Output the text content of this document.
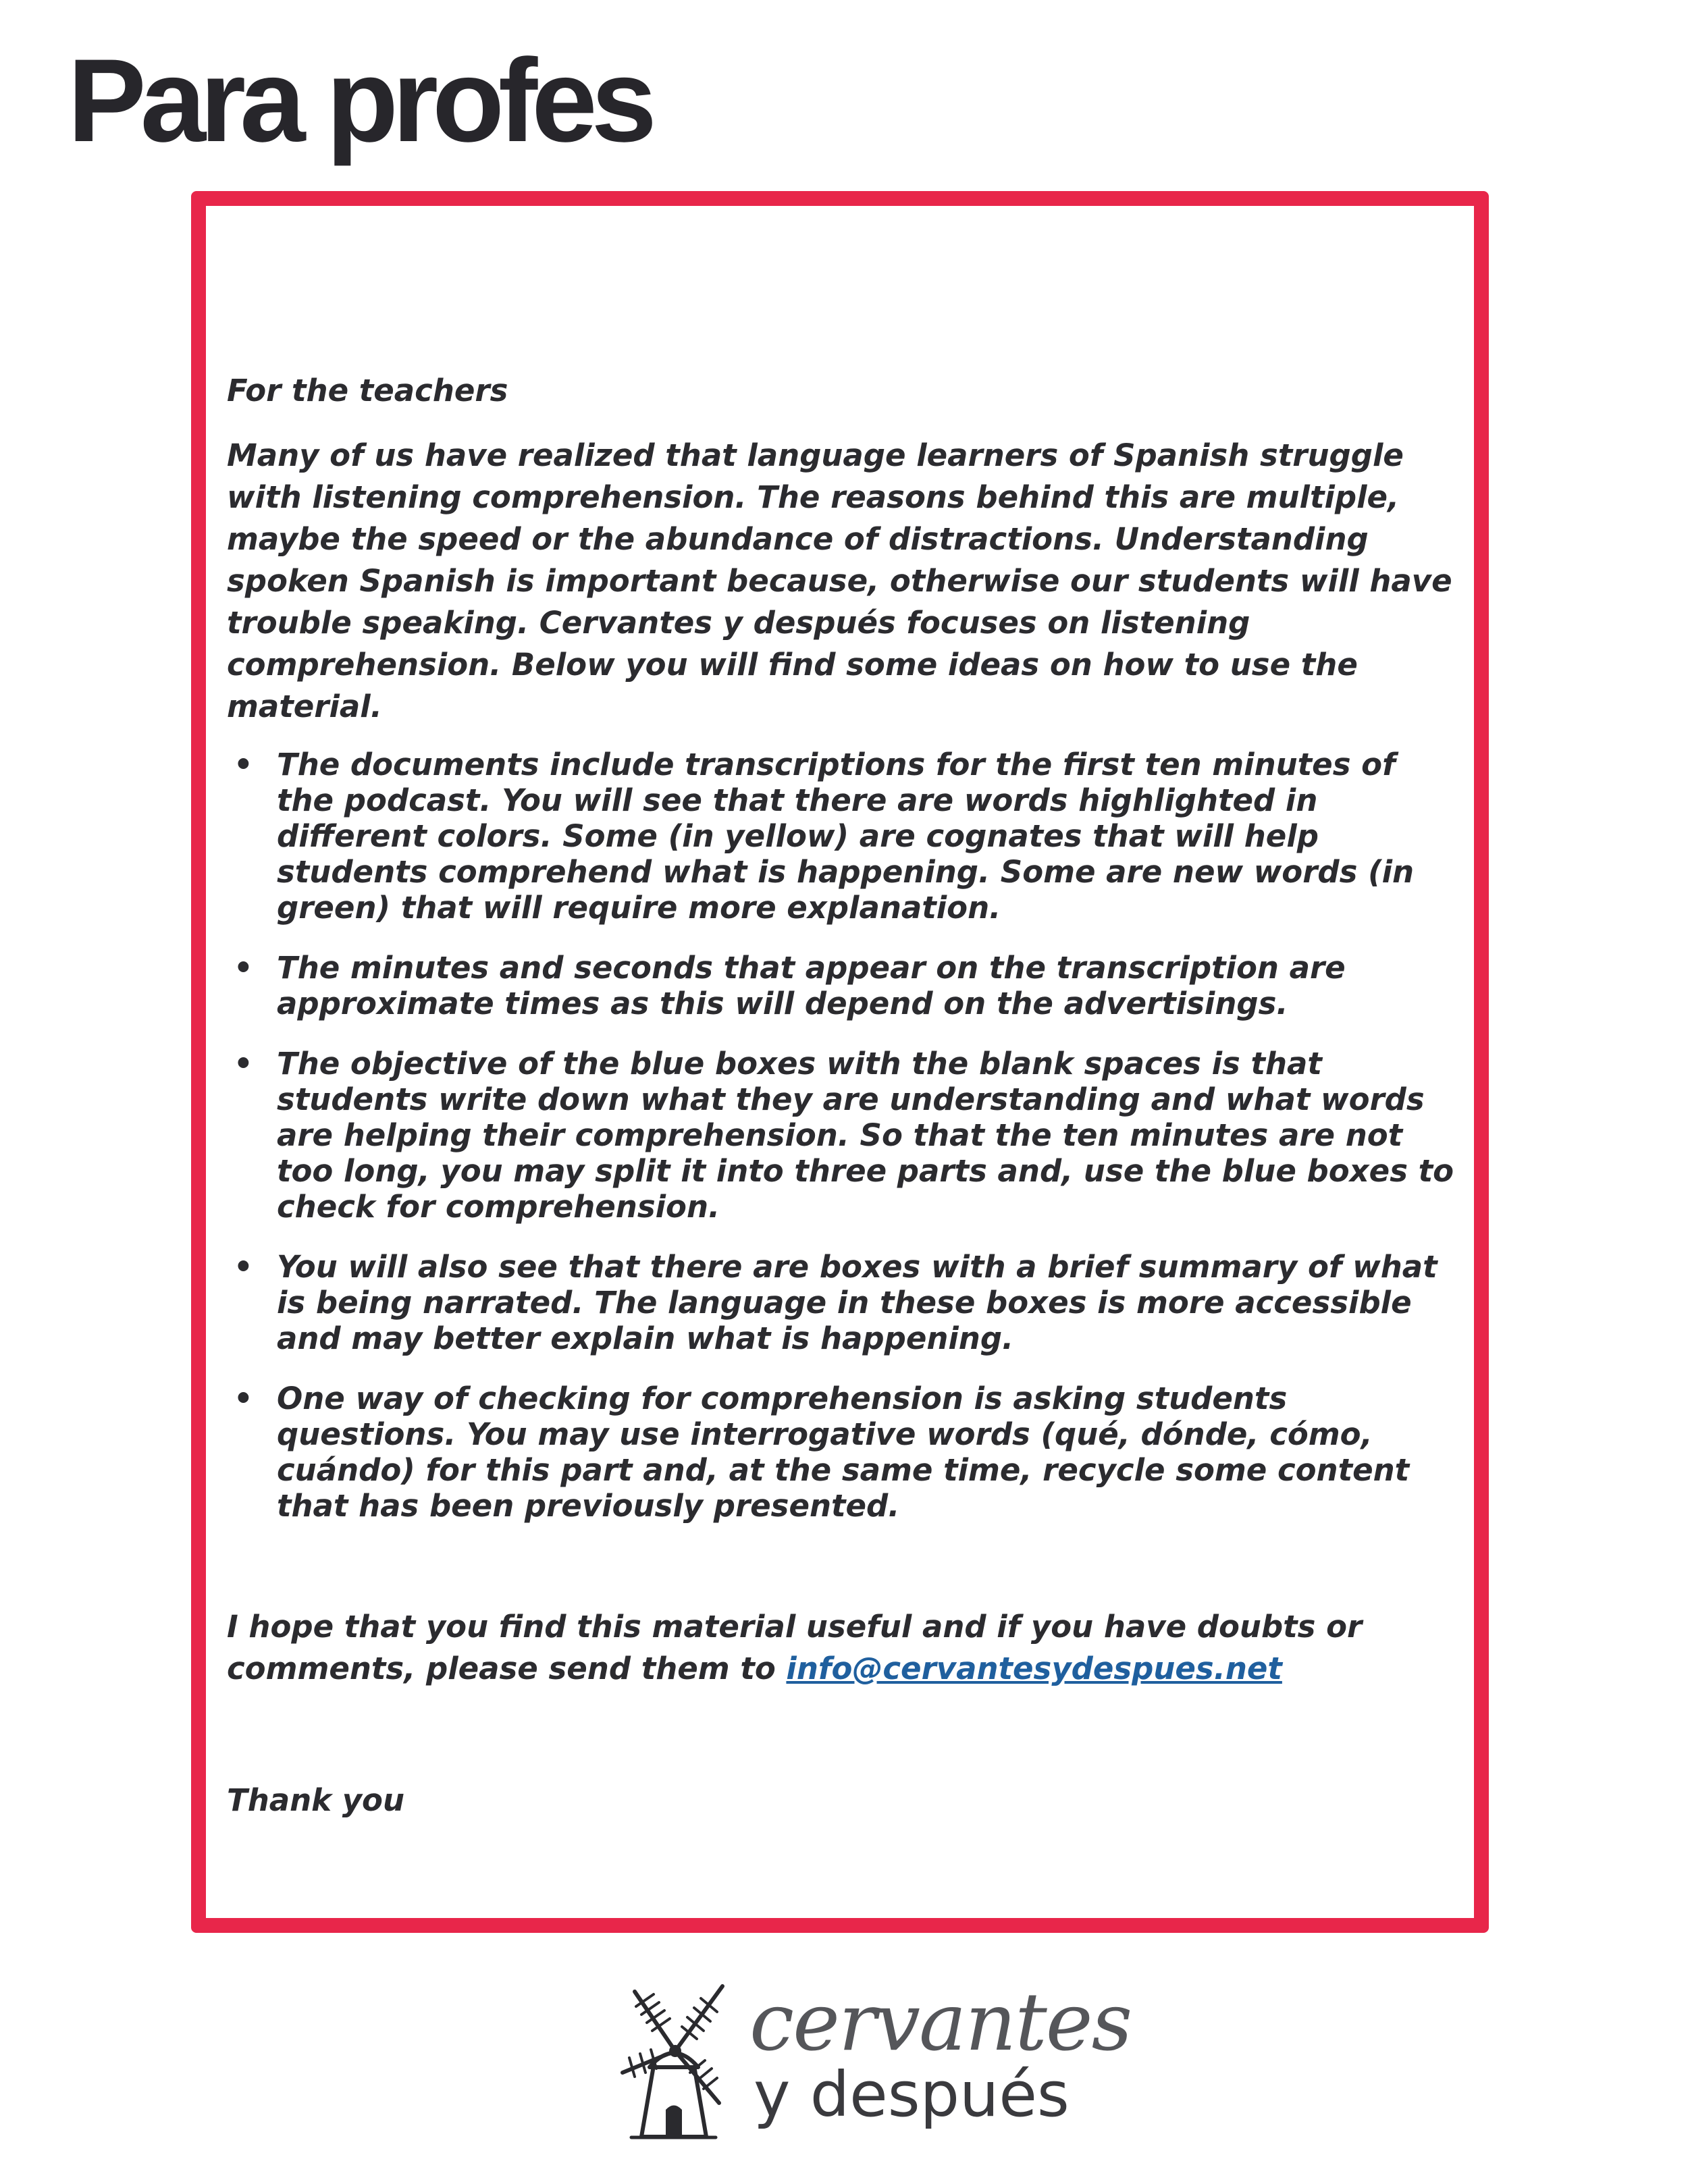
Para profes

For the teachers

Many of us have realized that language learners of Spanish struggle with listening comprehension. The reasons behind this are multiple, maybe the speed or the abundance of distractions. Understanding spoken Spanish is important because, otherwise our students will have trouble speaking. Cervantes y después focuses on listening comprehension. Below you will find some ideas on how to use the material.

• The documents include transcriptions for the first ten minutes of the podcast. You will see that there are words highlighted in different colors. Some (in yellow) are cognates that will help students comprehend what is happening. Some are new words (in green) that will require more explanation.
• The minutes and seconds that appear on the transcription are approximate times as this will depend on the advertisings.
• The objective of the blue boxes with the blank spaces is that students write down what they are understanding and what words are helping their comprehension. So that the ten minutes are not too long, you may split it into three parts and, use the blue boxes to check for comprehension.
• You will also see that there are boxes with a brief summary of what is being narrated. The language in these boxes is more accessible and may better explain what is happening.
• One way of checking for comprehension is asking students questions. You may use interrogative words (qué, dónde, cómo, cuándo) for this part and, at the same time, recycle some content that has been previously presented.

I hope that you find this material useful and if you have doubts or comments, please send them to info@cervantesydespues.net

Thank you

cervantes
y después
